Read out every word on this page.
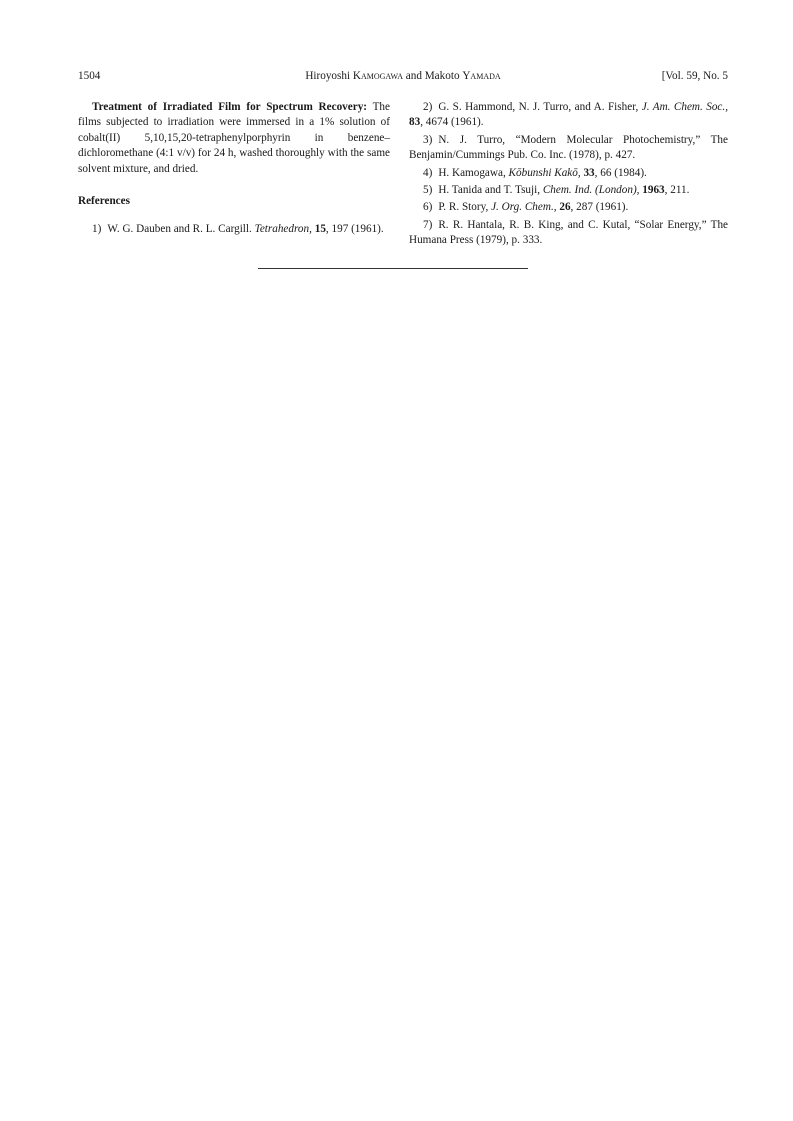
1504	Hiroyoshi Kamogawa and Makoto Yamada	[Vol. 59, No. 5

Treatment of Irradiated Film for Spectrum Recovery: The films subjected to irradiation were immersed in a 1% solution of cobalt(II) 5,10,15,20-tetraphenylporphyrin in benzene–dichloromethane (4:1 v/v) for 24 h, washed thoroughly with the same solvent mixture, and dried.

References

1) W. G. Dauben and R. L. Cargill. Tetrahedron, 15, 197 (1961).

2) G. S. Hammond, N. J. Turro, and A. Fisher, J. Am. Chem. Soc., 83, 4674 (1961).

3) N. J. Turro, “Modern Molecular Photochemistry,” The Benjamin/Cummings Pub. Co. Inc. (1978), p. 427.

4) H. Kamogawa, Kōbunshi Kakō, 33, 66 (1984).

5) H. Tanida and T. Tsuji, Chem. Ind. (London), 1963, 211.

6) P. R. Story, J. Org. Chem., 26, 287 (1961).

7) R. R. Hantala, R. B. King, and C. Kutal, “Solar Energy,” The Humana Press (1979), p. 333.
